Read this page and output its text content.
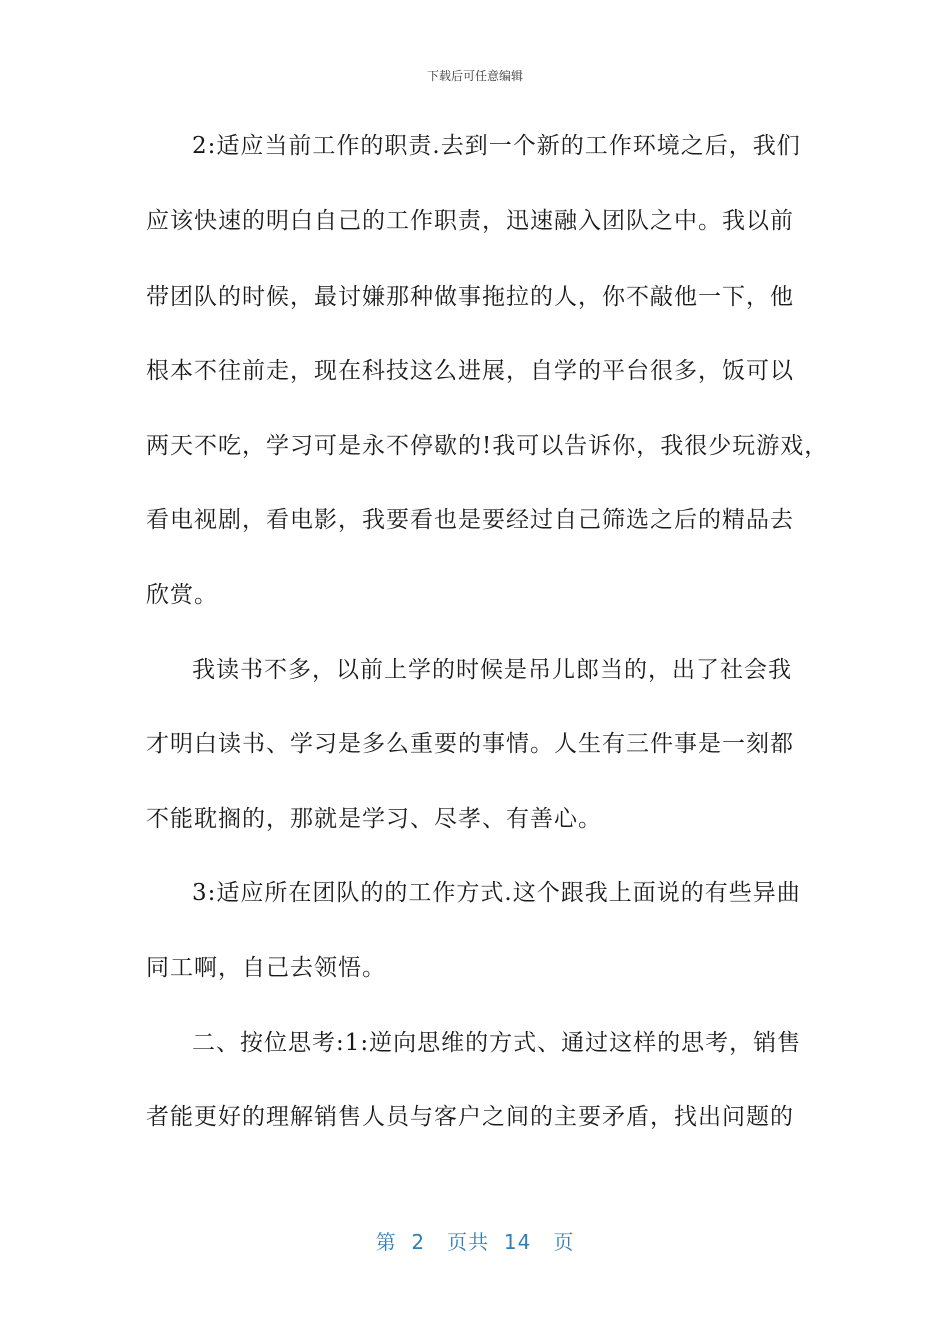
下载后可任意编辑
2:适应当前工作的职责.去到一个新的工作环境之后，我们
应该快速的明白自己的工作职责，迅速融入团队之中。我以前
带团队的时候，最讨嫌那种做事拖拉的人，你不敲他一下，他
根本不往前走，现在科技这么进展，自学的平台很多，饭可以
两天不吃，学习可是永不停歇的!我可以告诉你，我很少玩游戏，
看电视剧，看电影，我要看也是要经过自己筛选之后的精品去
欣赏。
我读书不多，以前上学的时候是吊儿郎当的，出了社会我
才明白读书、学习是多么重要的事情。人生有三件事是一刻都
不能耽搁的，那就是学习、尽孝、有善心。
3:适应所在团队的的工作方式.这个跟我上面说的有些异曲
同工啊，自己去领悟。
二、按位思考:1:逆向思维的方式、通过这样的思考，销售
者能更好的理解销售人员与客户之间的主要矛盾，找出问题的
第  2   页共  14   页
